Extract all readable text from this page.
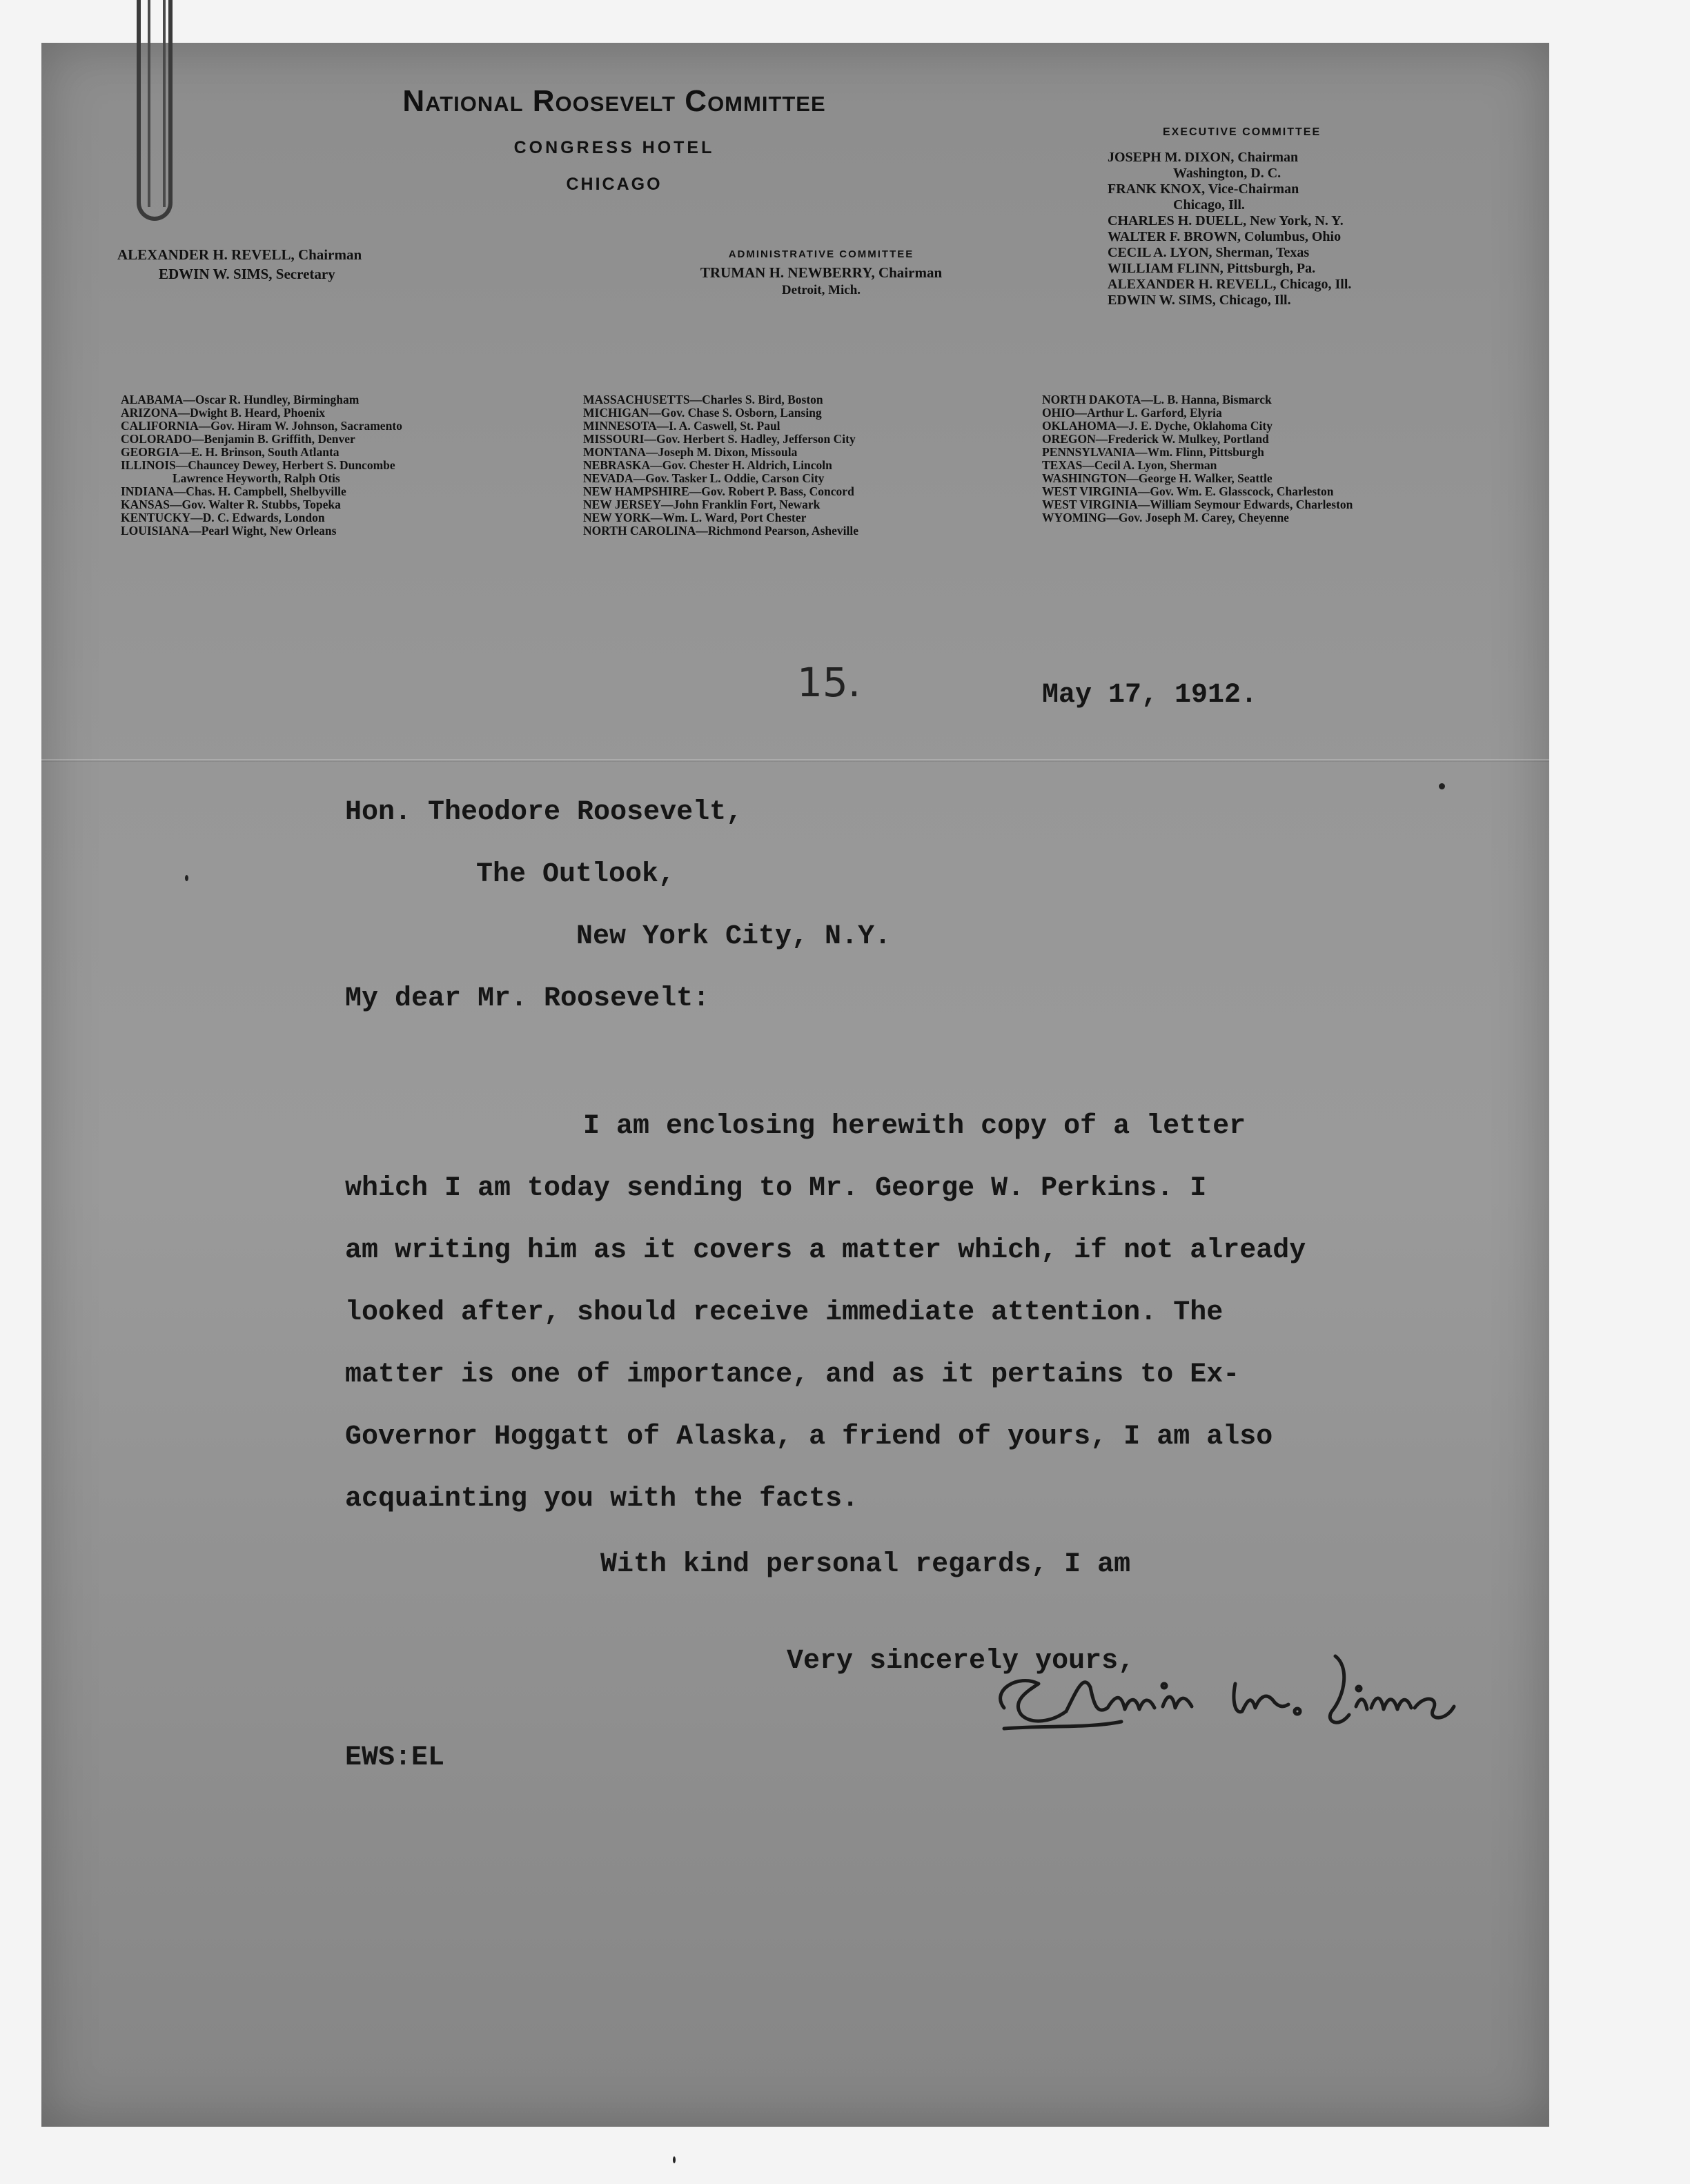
National Roosevelt Committee
CONGRESS HOTEL
CHICAGO
ALEXANDER H. REVELL, Chairman
EDWIN W. SIMS, Secretary
ADMINISTRATIVE COMMITTEE
TRUMAN H. NEWBERRY, Chairman
Detroit, Mich.
EXECUTIVE COMMITTEE
JOSEPH M. DIXON, Chairman
Washington, D. C.
FRANK KNOX, Vice-Chairman
Chicago, Ill.
CHARLES H. DUELL, New York, N. Y.
WALTER F. BROWN, Columbus, Ohio
CECIL A. LYON, Sherman, Texas
WILLIAM FLINN, Pittsburgh, Pa.
ALEXANDER H. REVELL, Chicago, Ill.
EDWIN W. SIMS, Chicago, Ill.
ALABAMA—Oscar R. Hundley, Birmingham
ARIZONA—Dwight B. Heard, Phoenix
CALIFORNIA—Gov. Hiram W. Johnson, Sacramento
COLORADO—Benjamin B. Griffith, Denver
GEORGIA—E. H. Brinson, South Atlanta
ILLINOIS—Chauncey Dewey, Herbert S. Duncombe
Lawrence Heyworth, Ralph Otis
INDIANA—Chas. H. Campbell, Shelbyville
KANSAS—Gov. Walter R. Stubbs, Topeka
KENTUCKY—D. C. Edwards, London
LOUISIANA—Pearl Wight, New Orleans
MASSACHUSETTS—Charles S. Bird, Boston
MICHIGAN—Gov. Chase S. Osborn, Lansing
MINNESOTA—I. A. Caswell, St. Paul
MISSOURI—Gov. Herbert S. Hadley, Jefferson City
MONTANA—Joseph M. Dixon, Missoula
NEBRASKA—Gov. Chester H. Aldrich, Lincoln
NEVADA—Gov. Tasker L. Oddie, Carson City
NEW HAMPSHIRE—Gov. Robert P. Bass, Concord
NEW JERSEY—John Franklin Fort, Newark
NEW YORK—Wm. L. Ward, Port Chester
NORTH CAROLINA—Richmond Pearson, Asheville
NORTH DAKOTA—L. B. Hanna, Bismarck
OHIO—Arthur L. Garford, Elyria
OKLAHOMA—J. E. Dyche, Oklahoma City
OREGON—Frederick W. Mulkey, Portland
PENNSYLVANIA—Wm. Flinn, Pittsburgh
TEXAS—Cecil A. Lyon, Sherman
WASHINGTON—George H. Walker, Seattle
WEST VIRGINIA—Gov. Wm. E. Glasscock, Charleston
WEST VIRGINIA—William Seymour Edwards, Charleston
WYOMING—Gov. Joseph M. Carey, Cheyenne
15.	May 17, 1912.
Hon. Theodore Roosevelt,
The Outlook,
New York City, N.Y.
My dear Mr. Roosevelt:
I am enclosing herewith copy of a letter
which I am today sending to Mr. George W. Perkins. I
am writing him as it covers a matter which, if not already
looked after, should receive immediate attention. The
matter is one of importance, and as it pertains to Ex-
Governor Hoggatt of Alaska, a friend of yours, I am also
acquainting you with the facts.
With kind personal regards, I am
Very sincerely yours,
EWS:EL
